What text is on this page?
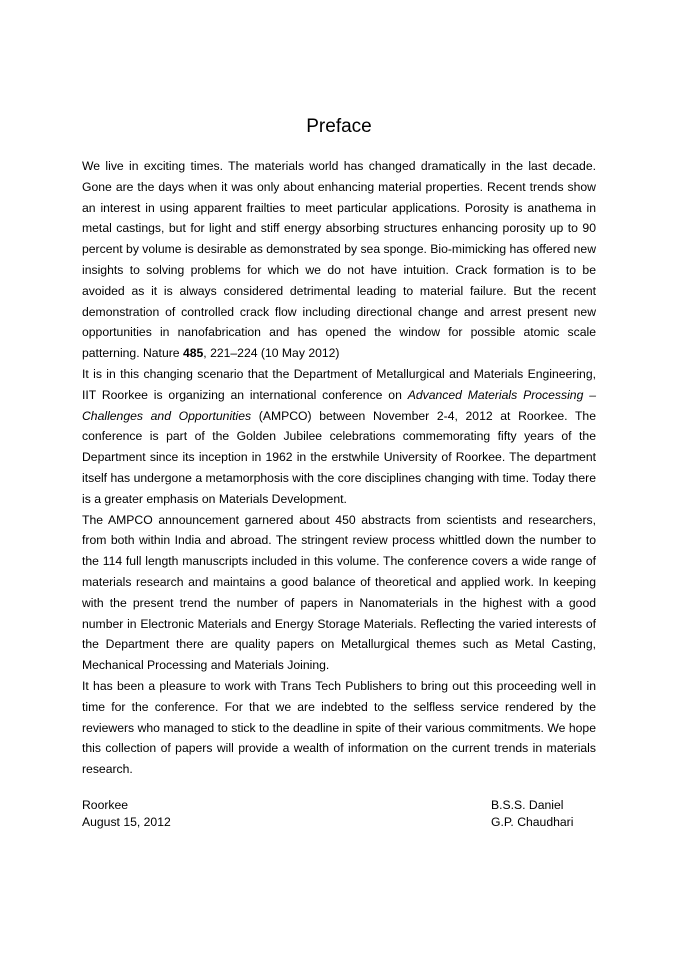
Preface

We live in exciting times. The materials world has changed dramatically in the last decade. Gone are the days when it was only about enhancing material properties. Recent trends show an interest in using apparent frailties to meet particular applications. Porosity is anathema in metal castings, but for light and stiff energy absorbing structures enhancing porosity up to 90 percent by volume is desirable as demonstrated by sea sponge. Bio-mimicking has offered new insights to solving problems for which we do not have intuition. Crack formation is to be avoided as it is always considered detrimental leading to material failure. But the recent demonstration of controlled crack flow including directional change and arrest present new opportunities in nanofabrication and has opened the window for possible atomic scale patterning. Nature 485, 221–224 (10 May 2012)

It is in this changing scenario that the Department of Metallurgical and Materials Engineering, IIT Roorkee is organizing an international conference on Advanced Materials Processing – Challenges and Opportunities (AMPCO) between November 2-4, 2012 at Roorkee. The conference is part of the Golden Jubilee celebrations commemorating fifty years of the Department since its inception in 1962 in the erstwhile University of Roorkee. The department itself has undergone a metamorphosis with the core disciplines changing with time. Today there is a greater emphasis on Materials Development.

The AMPCO announcement garnered about 450 abstracts from scientists and researchers, from both within India and abroad. The stringent review process whittled down the number to the 114 full length manuscripts included in this volume. The conference covers a wide range of materials research and maintains a good balance of theoretical and applied work. In keeping with the present trend the number of papers in Nanomaterials in the highest with a good number in Electronic Materials and Energy Storage Materials. Reflecting the varied interests of the Department there are quality papers on Metallurgical themes such as Metal Casting, Mechanical Processing and Materials Joining.

It has been a pleasure to work with Trans Tech Publishers to bring out this proceeding well in time for the conference. For that we are indebted to the selfless service rendered by the reviewers who managed to stick to the deadline in spite of their various commitments. We hope this collection of papers will provide a wealth of information on the current trends in materials research.

Roorkee
August 15, 2012
B.S.S. Daniel
G.P. Chaudhari
